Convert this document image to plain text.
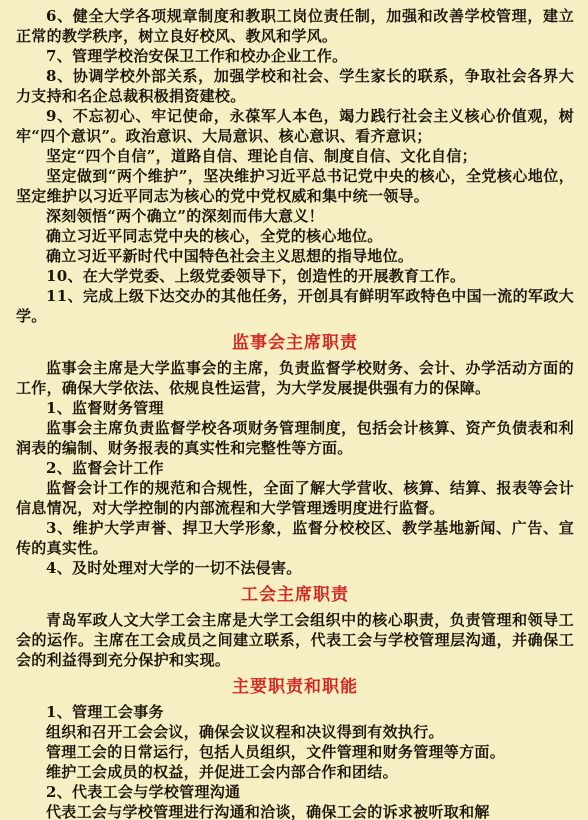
6、健全大学各项规章制度和教职工岗位责任制，加强和改善学校管理，建立正常的教学秩序，树立良好校风、教风和学风。

7、管理学校治安保卫工作和校办企业工作。

8、协调学校外部关系，加强学校和社会、学生家长的联系，争取社会各界大力支持和名企总裁积极捐资建校。

9、不忘初心、牢记使命，永葆军人本色，竭力践行社会主义核心价值观，树牢“四个意识”。政治意识、大局意识、核心意识、看齐意识；

坚定“四个自信”，道路自信、理论自信、制度自信、文化自信；

坚定做到“两个维护”，坚决维护习近平总书记党中央的核心，全党核心地位，坚定维护以习近平同志为核心的党中党权威和集中统一领导。

深刻领悟“两个确立”的深刻而伟大意义！

确立习近平同志党中央的核心，全党的核心地位。

确立习近平新时代中国特色社会主义思想的指导地位。

10、在大学党委、上级党委领导下，创造性的开展教育工作。

11、完成上级下达交办的其他任务，开创具有鲜明军政特色中国一流的军政大学。

监事会主席职责

监事会主席是大学监事会的主席，负责监督学校财务、会计、办学活动方面的工作，确保大学依法、依规良性运营，为大学发展提供强有力的保障。

1、监督财务管理

监事会主席负责监督学校各项财务管理制度，包括会计核算、资产负债表和利润表的编制、财务报表的真实性和完整性等方面。

2、监督会计工作

监督会计工作的规范和合规性，全面了解大学营收、核算、结算、报表等会计信息情况，对大学控制的内部流程和大学管理透明度进行监督。

3、维护大学声誉、捍卫大学形象，监督分校校区、教学基地新闻、广告、宣传的真实性。

4、及时处理对大学的一切不法侵害。

工会主席职责

青岛军政人文大学工会主席是大学工会组织中的核心职责，负责管理和领导工会的运作。主席在工会成员之间建立联系，代表工会与学校管理层沟通，并确保工会的利益得到充分保护和实现。

主要职责和职能

1、管理工会事务

组织和召开工会会议，确保会议议程和决议得到有效执行。

管理工会的日常运行，包括人员组织，文件管理和财务管理等方面。

维护工会成员的权益，并促进工会内部合作和团结。

2、代表工会与学校管理沟通

代表工会与学校管理进行沟通和洽谈，确保工会的诉求被听取和解
